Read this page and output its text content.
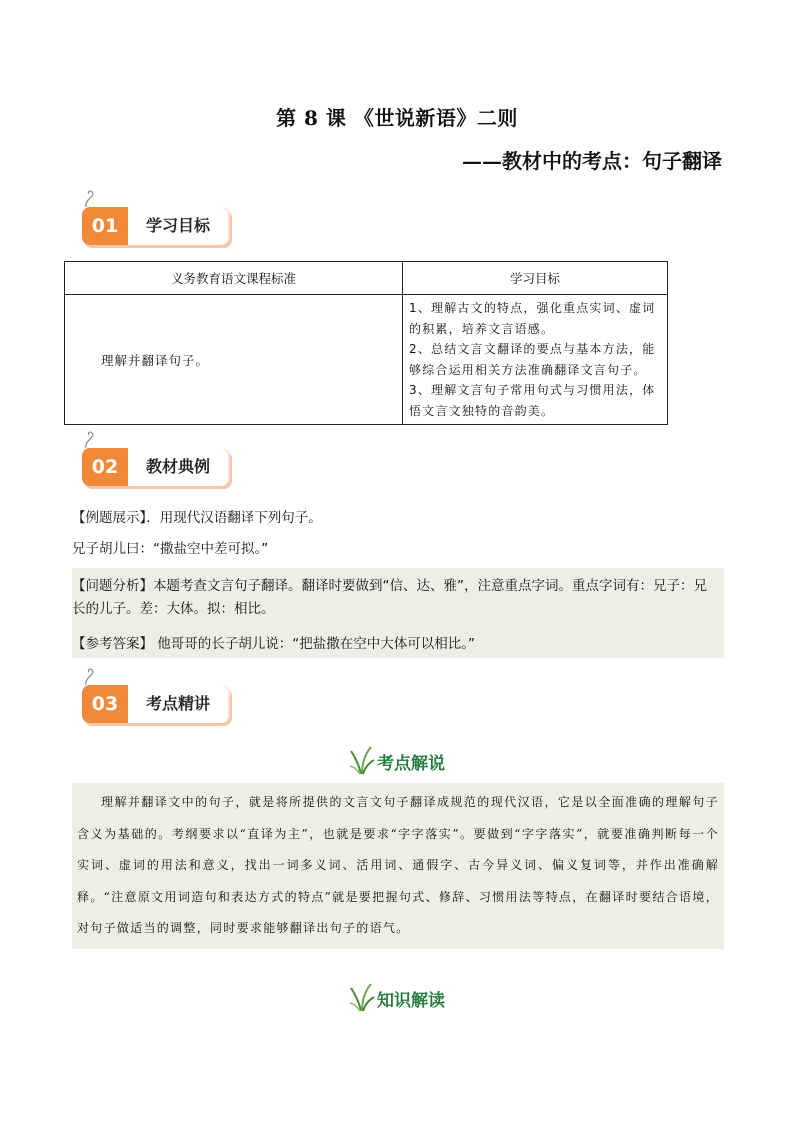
第 8 课 《世说新语》二则
——教材中的考点：句子翻译
01	学习目标
义务教育语文课程标准	学习目标
理解并翻译句子。	1、理解古文的特点，强化重点实词、虚词的积累，培养文言语感。
2、总结文言文翻译的要点与基本方法，能够综合运用相关方法准确翻译文言句子。
3、理解文言句子常用句式与习惯用法，体悟文言文独特的音韵美。
02	教材典例
【例题展示】．用现代汉语翻译下列句子。
兄子胡儿曰：“撒盐空中差可拟。”
【问题分析】本题考查文言句子翻译。翻译时要做到“信、达、雅”，注意重点字词。重点字词有：兄子：兄
长的儿子。差：大体。拟：相比。
【参考答案】 他哥哥的长子胡儿说：“把盐撒在空中大体可以相比。”
03	考点精讲
考点解说
理解并翻译文中的句子，就是将所提供的文言文句子翻译成规范的现代汉语，它是以全面准确的理解句子含义为基础的。考纲要求以“直译为主”，也就是要求“字字落实”。要做到“字字落实”，就要准确判断每一个实词、虚词的用法和意义，找出一词多义词、活用词、通假字、古今异义词、偏义复词等，并作出准确解释。“注意原文用词造句和表达方式的特点”就是要把握句式、修辞、习惯用法等特点，在翻译时要结合语境，对句子做适当的调整，同时要求能够翻译出句子的语气。
知识解读
